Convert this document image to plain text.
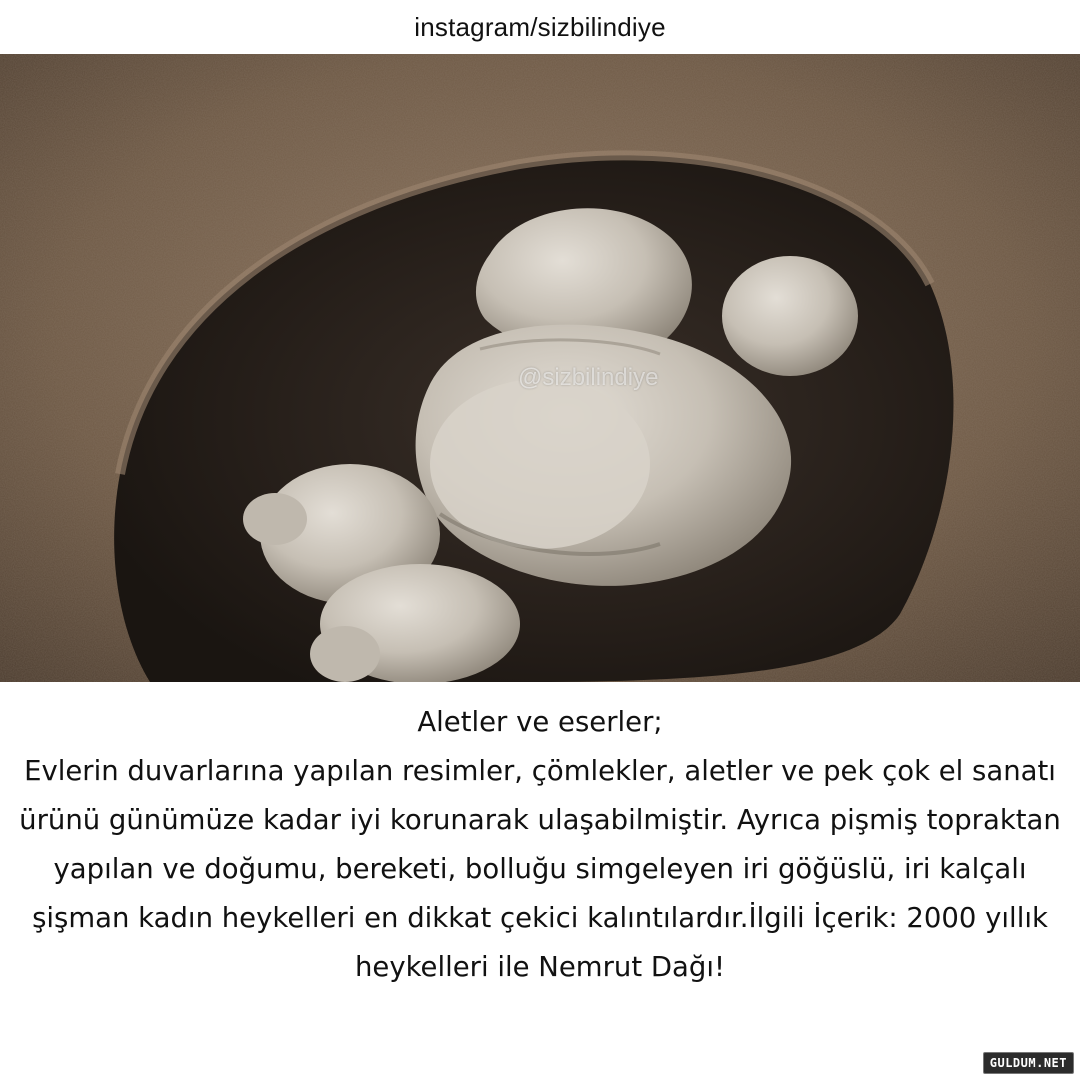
instagram/sizbilindiye
@sizbilindiye
Aletler ve eserler;
Evlerin duvarlarına yapılan resimler, çömlekler, aletler ve pek çok el sanatı ürünü günümüze kadar iyi korunarak ulaşabilmiştir. Ayrıca pişmiş topraktan yapılan ve doğumu, bereketi, bolluğu simgeleyen iri göğüslü, iri kalçalı şişman kadın heykelleri en dikkat çekici kalıntılardır.İlgili İçerik: 2000 yıllık heykelleri ile Nemrut Dağı!
GULDUM.NET
